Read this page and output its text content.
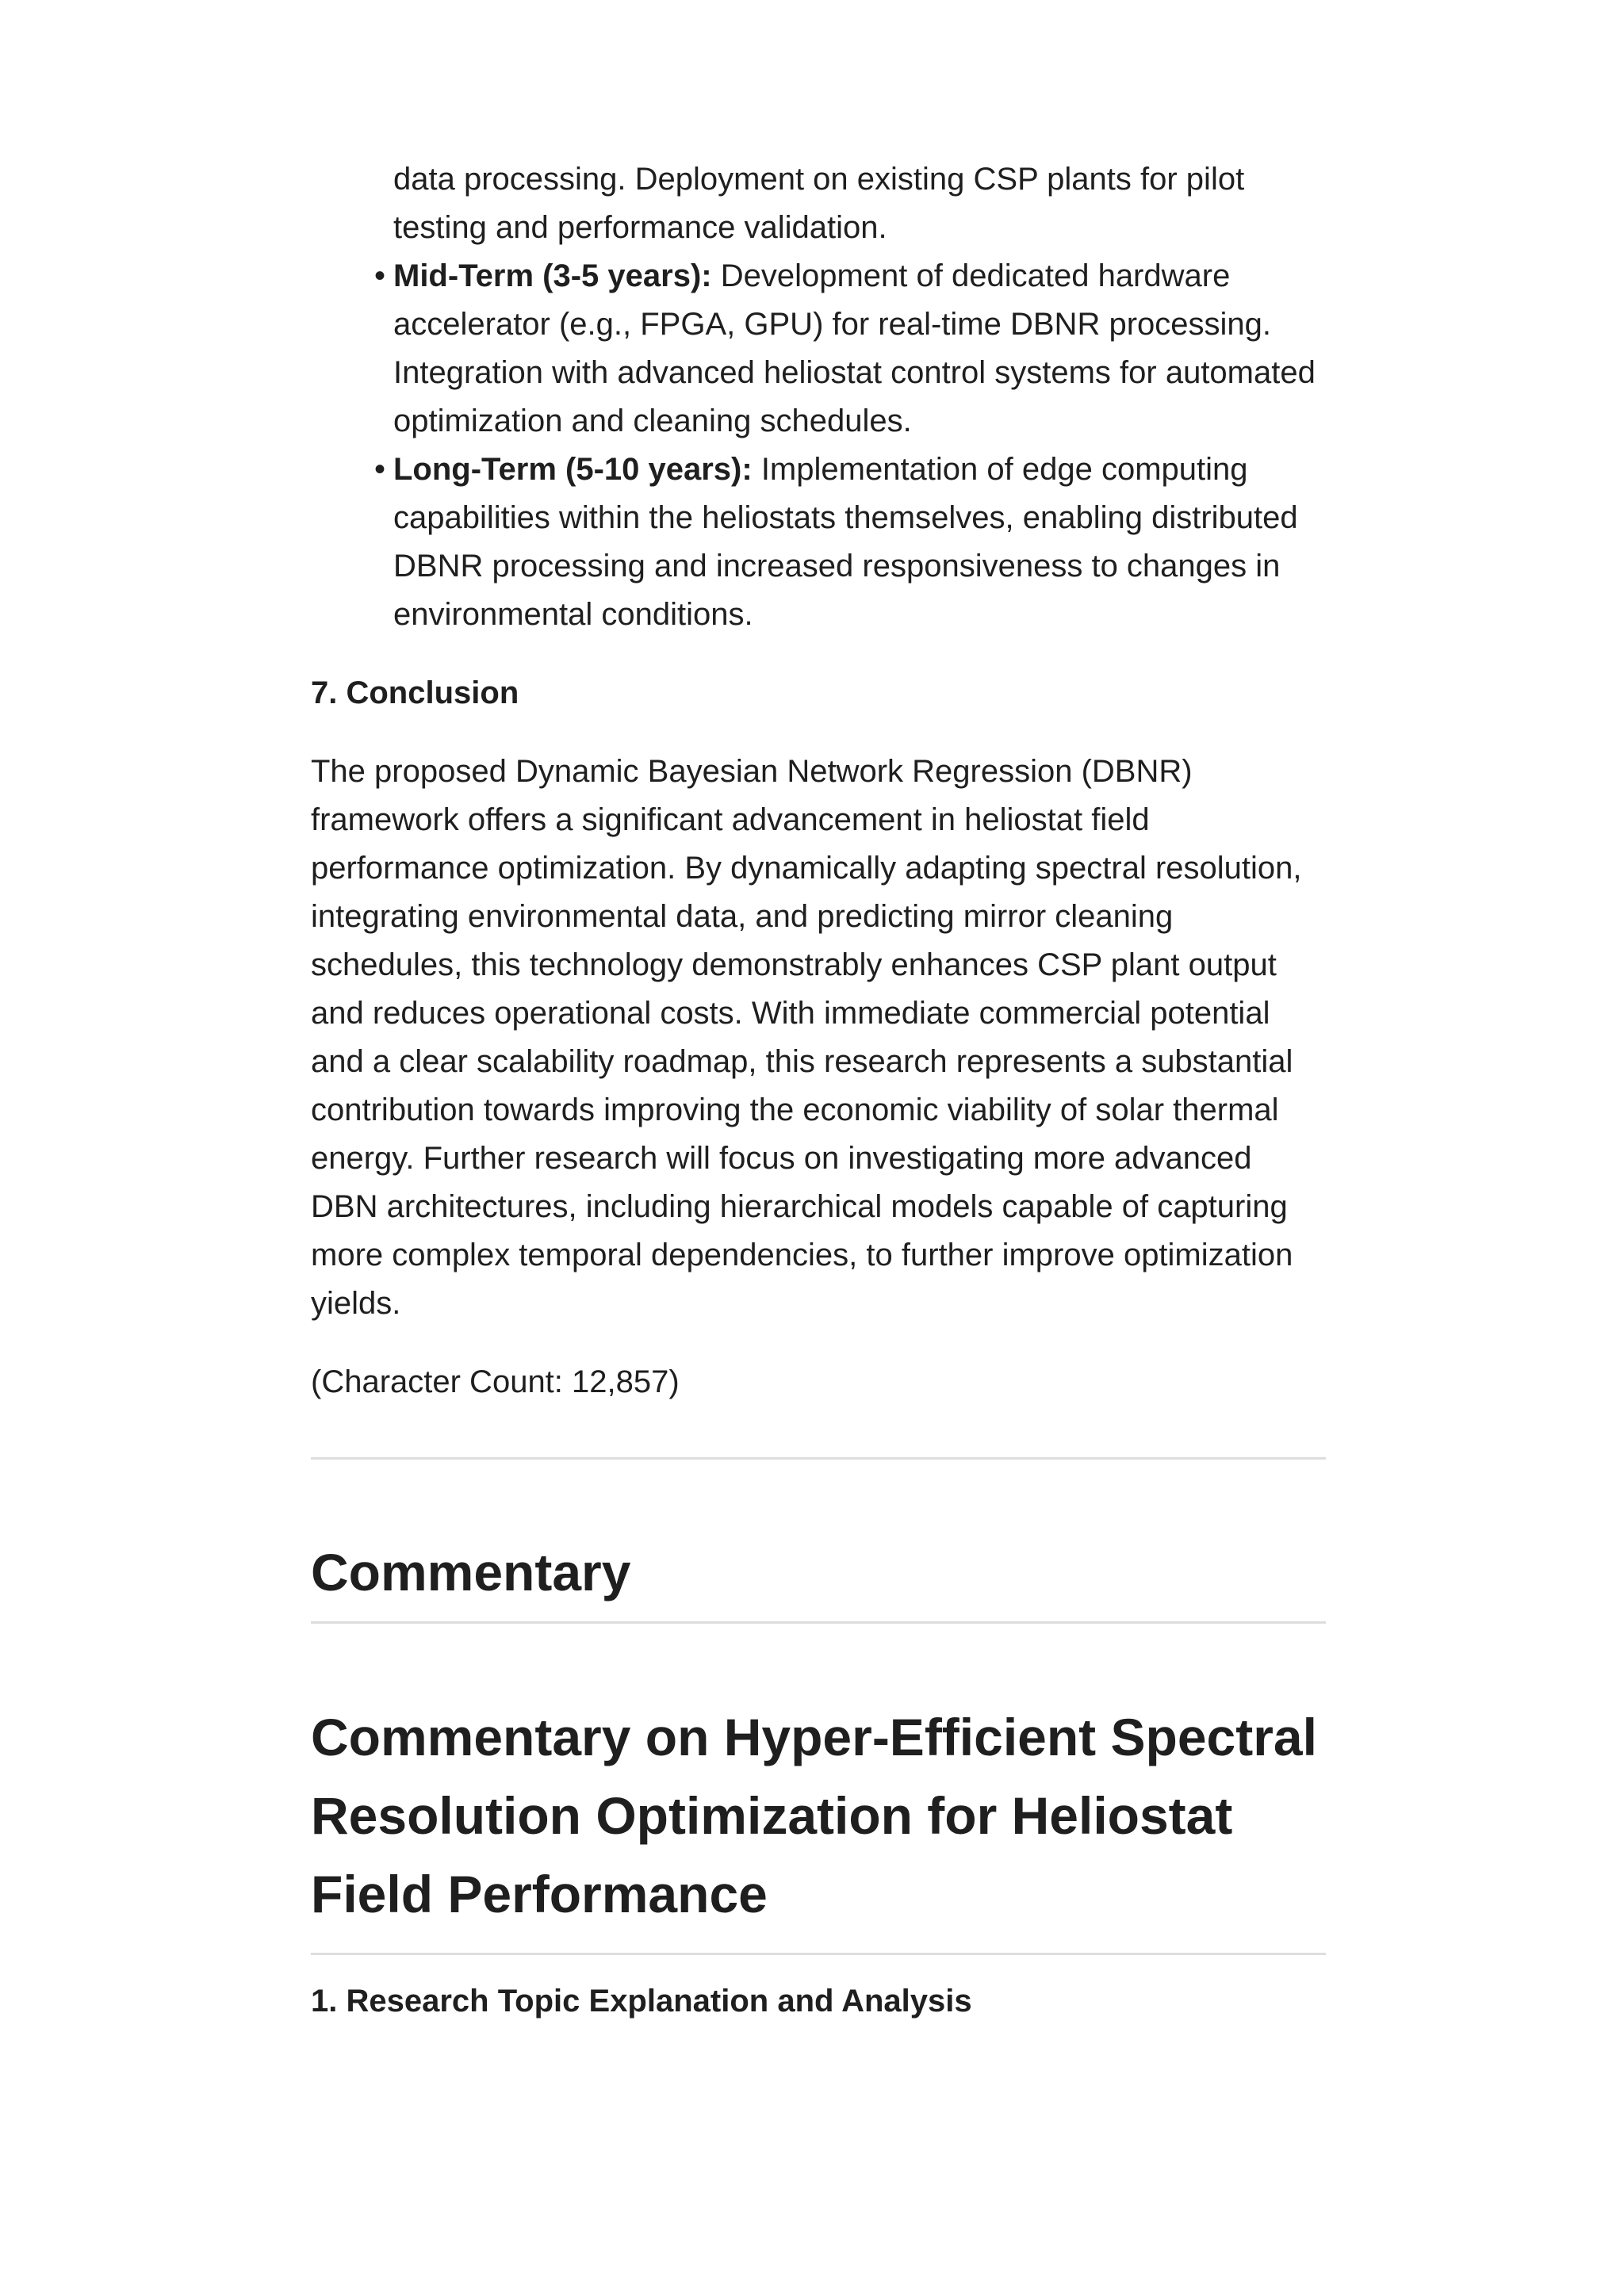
data processing. Deployment on existing CSP plants for pilot testing and performance validation.
• Mid-Term (3-5 years): Development of dedicated hardware accelerator (e.g., FPGA, GPU) for real-time DBNR processing. Integration with advanced heliostat control systems for automated optimization and cleaning schedules.
• Long-Term (5-10 years): Implementation of edge computing capabilities within the heliostats themselves, enabling distributed DBNR processing and increased responsiveness to changes in environmental conditions.
7. Conclusion

The proposed Dynamic Bayesian Network Regression (DBNR) framework offers a significant advancement in heliostat field performance optimization. By dynamically adapting spectral resolution, integrating environmental data, and predicting mirror cleaning schedules, this technology demonstrably enhances CSP plant output and reduces operational costs. With immediate commercial potential and a clear scalability roadmap, this research represents a substantial contribution towards improving the economic viability of solar thermal energy. Further research will focus on investigating more advanced DBN architectures, including hierarchical models capable of capturing more complex temporal dependencies, to further improve optimization yields.

(Character Count: 12,857)

Commentary
Commentary on Hyper-Efficient Spectral Resolution Optimization for Heliostat Field Performance
1. Research Topic Explanation and Analysis
